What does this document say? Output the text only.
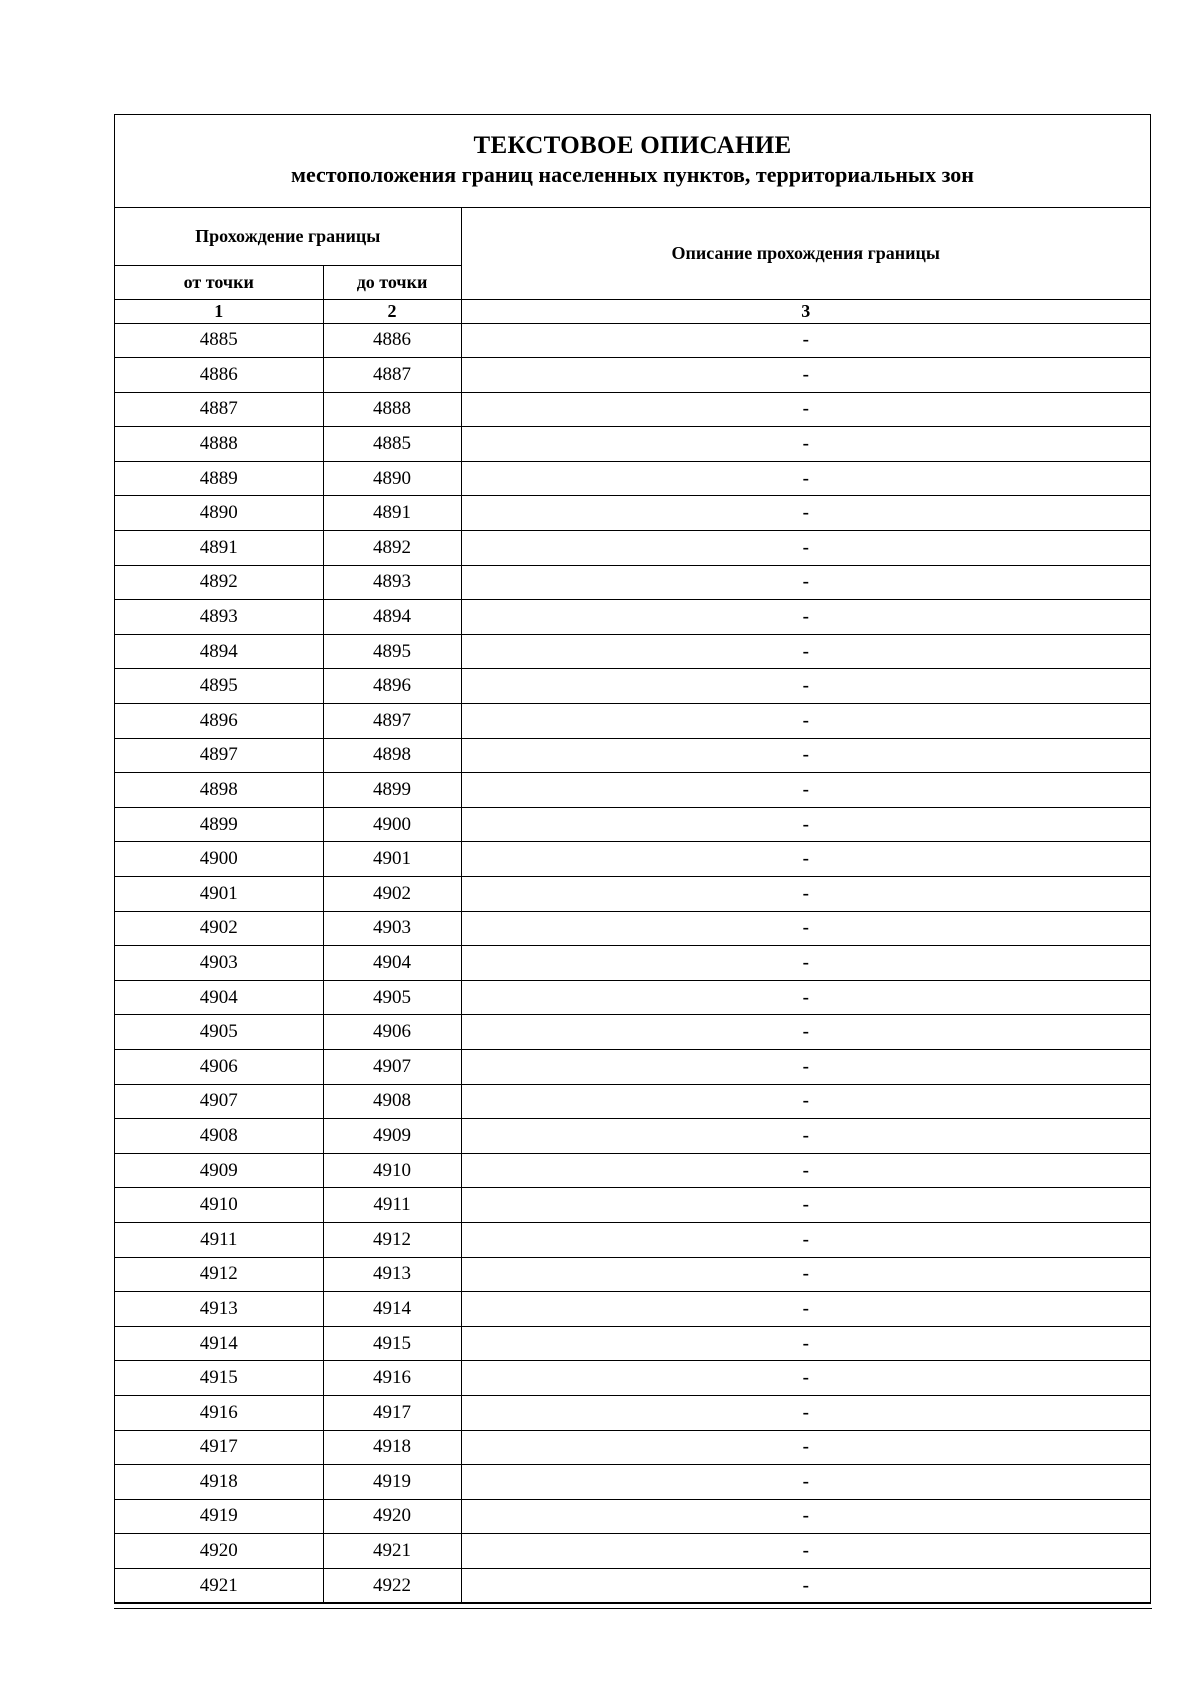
ТЕКСТОВОЕ ОПИСАНИЕ
местоположения границ населенных пунктов, территориальных зон
Прохождение границы		Описание прохождения границы
от точки	до точки	
1	2	3
4885	4886	-
4886	4887	-
4887	4888	-
4888	4885	-
4889	4890	-
4890	4891	-
4891	4892	-
4892	4893	-
4893	4894	-
4894	4895	-
4895	4896	-
4896	4897	-
4897	4898	-
4898	4899	-
4899	4900	-
4900	4901	-
4901	4902	-
4902	4903	-
4903	4904	-
4904	4905	-
4905	4906	-
4906	4907	-
4907	4908	-
4908	4909	-
4909	4910	-
4910	4911	-
4911	4912	-
4912	4913	-
4913	4914	-
4914	4915	-
4915	4916	-
4916	4917	-
4917	4918	-
4918	4919	-
4919	4920	-
4920	4921	-
4921	4922	-
